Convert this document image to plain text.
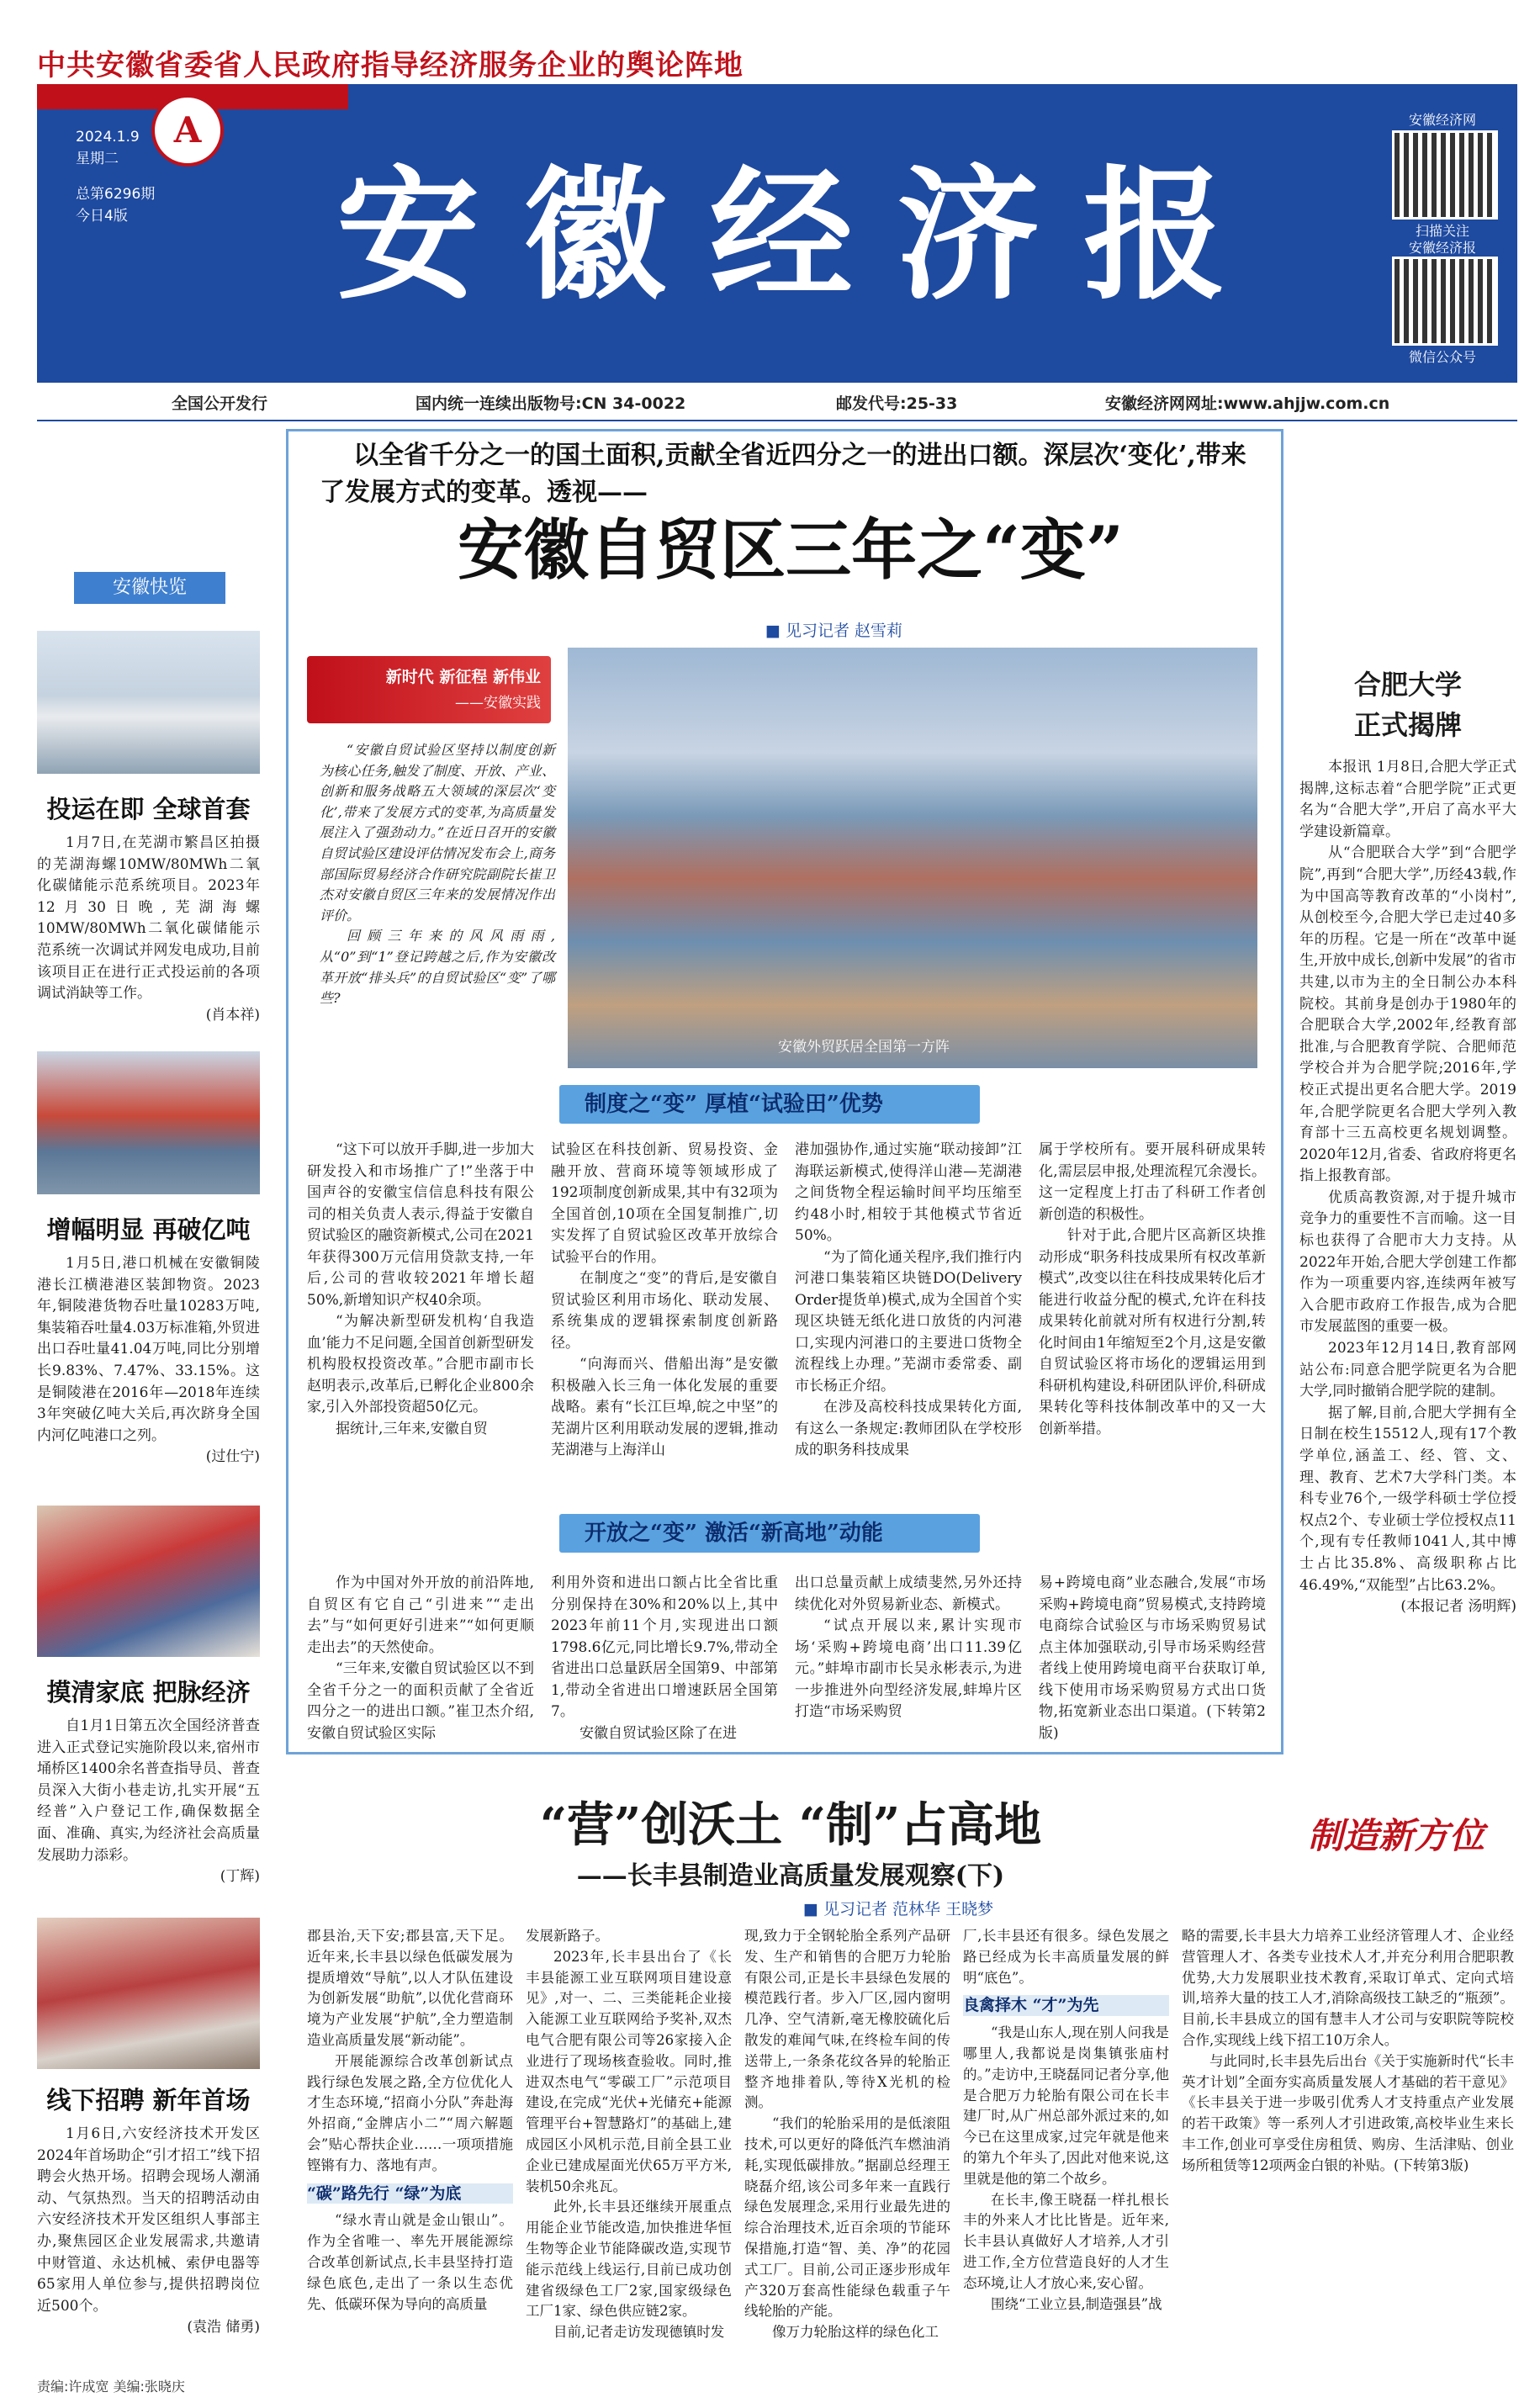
中共安徽省委省人民政府指导经济服务企业的舆论阵地
A
2024.1.9
星期二
总第6296期
今日4版	安徽经济报
安徽经济网
扫描关注
安徽经济报
微信公众号
全国公开发行	国内统一连续出版物号:CN 34-0022	邮发代号:25-33	安徽经济网网址:www.ahjjw.com.cn
安徽快览
投运在即 全球首套

1月7日,在芜湖市繁昌区拍摄的芜湖海螺10MW/80MWh二氧化碳储能示范系统项目。2023年12月30日晚,芜湖海螺10MW/80MWh二氧化碳储能示范系统一次调试并网发电成功,目前该项目正在进行正式投运前的各项调试消缺等工作。

(肖本祥)
增幅明显 再破亿吨

1月5日,港口机械在安徽铜陵港长江横港港区装卸物资。2023年,铜陵港货物吞吐量10283万吨,集装箱吞吐量4.03万标准箱,外贸进出口吞吐量41.04万吨,同比分别增长9.83%、7.47%、33.15%。这是铜陵港在2016年—2018年连续3年突破亿吨大关后,再次跻身全国内河亿吨港口之列。

(过仕宁)
摸清家底 把脉经济

自1月1日第五次全国经济普查进入正式登记实施阶段以来,宿州市埇桥区1400余名普查指导员、普查员深入大街小巷走访,扎实开展“五经普”入户登记工作,确保数据全面、准确、真实,为经济社会高质量发展助力添彩。

(丁辉)
线下招聘 新年首场

1月6日,六安经济技术开发区2024年首场助企“引才招工”线下招聘会火热开场。招聘会现场人潮涌动、气氛热烈。当天的招聘活动由六安经济技术开发区组织人事部主办,聚焦园区企业发展需求,共邀请中财管道、永达机械、索伊电器等65家用人单位参与,提供招聘岗位近500个。

(袁浩 储勇)
以全省千分之一的国土面积,贡献全省近四分之一的进出口额。深层次‘变化’,带来了发展方式的变革。透视——
安徽自贸区三年之“变”
■ 见习记者 赵雪莉
新时代 新征程 新伟业
——安徽实践

“安徽自贸试验区坚持以制度创新为核心任务,触发了制度、开放、产业、创新和服务战略五大领域的深层次‘变化’,带来了发展方式的变革,为高质量发展注入了强劲动力。”在近日召开的安徽自贸试验区建设评估情况发布会上,商务部国际贸易经济合作研究院副院长崔卫杰对安徽自贸区三年来的发展情况作出评价。

回顾三年来的风风雨雨,从“0”到“1”登记跨越之后,作为安徽改革开放“排头兵”的自贸试验区“变”了哪些?

安徽外贸跃居全国第一方阵
制度之“变” 厚植“试验田”优势

“这下可以放开手脚,进一步加大研发投入和市场推广了!”坐落于中国声谷的安徽宝信信息科技有限公司的相关负责人表示,得益于安徽自贸试验区的融资新模式,公司在2021年获得300万元信用贷款支持,一年后,公司的营收较2021年增长超50%,新增知识产权40余项。

“为解决新型研发机构‘自我造血’能力不足问题,全国首创新型研发机构股权投资改革。”合肥市副市长赵明表示,改革后,已孵化企业800余家,引入外部投资超50亿元。

据统计,三年来,安徽自贸

试验区在科技创新、贸易投资、金融开放、营商环境等领域形成了192项制度创新成果,其中有32项为全国首创,10项在全国复制推广,切实发挥了自贸试验区改革开放综合试验平台的作用。

在制度之“变”的背后,是安徽自贸试验区利用市场化、联动发展、系统集成的逻辑探索制度创新路径。

“向海而兴、借船出海”是安徽积极融入长三角一体化发展的重要战略。素有“长江巨埠,皖之中坚”的芜湖片区利用联动发展的逻辑,推动芜湖港与上海洋山

港加强协作,通过实施“联动接卸”江海联运新模式,使得洋山港—芜湖港之间货物全程运输时间平均压缩至约48小时,相较于其他模式节省近50%。

“为了简化通关程序,我们推行内河港口集装箱区块链DO(Delivery Order提货单)模式,成为全国首个实现区块链无纸化进口放货的内河港口,实现内河港口的主要进口货物全流程线上办理。”芜湖市委常委、副市长杨正介绍。

在涉及高校科技成果转化方面,有这么一条规定:教师团队在学校形成的职务科技成果

属于学校所有。要开展科研成果转化,需层层申报,处理流程冗余漫长。这一定程度上打击了科研工作者创新创造的积极性。

针对于此,合肥片区高新区块推动形成“职务科技成果所有权改革新模式”,改变以往在科技成果转化后才能进行收益分配的模式,允许在科技成果转化前就对所有权进行分割,转化时间由1年缩短至2个月,这是安徽自贸试验区将市场化的逻辑运用到科研机构建设,科研团队评价,科研成果转化等科技体制改革中的又一大创新举措。

开放之“变” 激活“新高地”动能

作为中国对外开放的前沿阵地,自贸区有它自己“引进来”“走出去”与“如何更好引进来”“如何更顺走出去”的天然使命。

“三年来,安徽自贸试验区以不到全省千分之一的面积贡献了全省近四分之一的进出口额。”崔卫杰介绍,安徽自贸试验区实际

利用外资和进出口额占比全省比重分别保持在30%和20%以上,其中2023年前11个月,实现进出口额1798.6亿元,同比增长9.7%,带动全省进出口总量跃居全国第9、中部第1,带动全省进出口增速跃居全国第7。

安徽自贸试验区除了在进

出口总量贡献上成绩斐然,另外还持续优化对外贸易新业态、新模式。

“试点开展以来,累计实现市场‘采购+跨境电商’出口11.39亿元。”蚌埠市副市长吴永彬表示,为进一步推进外向型经济发展,蚌埠片区打造“市场采购贸

易+跨境电商”业态融合,发展“市场采购+跨境电商”贸易模式,支持跨境电商综合试验区与市场采购贸易试点主体加强联动,引导市场采购经营者线上使用跨境电商平台获取订单,线下使用市场采购贸易方式出口货物,拓宽新业态出口渠道。(下转第2版)

合肥大学
正式揭牌

本报讯 1月8日,合肥大学正式揭牌,这标志着“合肥学院”正式更名为“合肥大学”,开启了高水平大学建设新篇章。

从“合肥联合大学”到“合肥学院”,再到“合肥大学”,历经43载,作为中国高等教育改革的“小岗村”,从创校至今,合肥大学已走过40多年的历程。它是一所在“改革中诞生,开放中成长,创新中发展”的省市共建,以市为主的全日制公办本科院校。其前身是创办于1980年的合肥联合大学,2002年,经教育部批准,与合肥教育学院、合肥师范学校合并为合肥学院;2016年,学校正式提出更名合肥大学。2019年,合肥学院更名合肥大学列入教育部十三五高校更名规划调整。2020年12月,省委、省政府将更名指上报教育部。

优质高教资源,对于提升城市竞争力的重要性不言而喻。这一目标也获得了合肥市大力支持。从2022年开始,合肥大学创建工作都作为一项重要内容,连续两年被写入合肥市政府工作报告,成为合肥市发展蓝图的重要一极。

2023年12月14日,教育部网站公布:同意合肥学院更名为合肥大学,同时撤销合肥学院的建制。

据了解,目前,合肥大学拥有全日制在校生15512人,现有17个教学单位,涵盖工、经、管、文、理、教育、艺术7大学科门类。本科专业76个,一级学科硕士学位授权点2个、专业硕士学位授权点11个,现有专任教师1041人,其中博士占比35.8%、高级职称占比46.49%,“双能型”占比63.2%。

(本报记者 汤明辉)
“营”创沃土 “制”占高地
——长丰县制造业高质量发展观察(下)
■ 见习记者 范林华 王晓梦
制造新方位

郡县治,天下安;郡县富,天下足。近年来,长丰县以绿色低碳发展为提质增效“导航”,以人才队伍建设为创新发展“助航”,以优化营商环境为产业发展“护航”,全力塑造制造业高质量发展“新动能”。

开展能源综合改革创新试点践行绿色发展之路,全方位优化人才生态环境,“招商小分队”奔赴海外招商,“金牌店小二”“周六解题会”贴心帮扶企业……一项项措施铿锵有力、落地有声。

“碳”路先行 “绿”为底

“绿水青山就是金山银山”。作为全省唯一、率先开展能源综合改革创新试点,长丰县坚持打造绿色底色,走出了一条以生态优先、低碳环保为导向的高质量

发展新路子。

2023年,长丰县出台了《长丰县能源工业互联网项目建设意见》,对一、二、三类能耗企业接入能源工业互联网给予奖补,双杰电气合肥有限公司等26家接入企业进行了现场核查验收。同时,推进双杰电气“零碳工厂”示范项目建设,在完成“光伏+光储充+能源管理平台+智慧路灯”的基础上,建成园区小风机示范,目前全县工业企业已建成屋面光伏65万平方米,装机50余兆瓦。

此外,长丰县还继续开展重点用能企业节能改造,加快推进华恒生物等企业节能降碳改造,实现节能示范线上线运行,目前已成功创建省级绿色工厂2家,国家级绿色工厂1家、绿色供应链2家。

目前,记者走访发现德镇时发

现,致力于全钢轮胎全系列产品研发、生产和销售的合肥万力轮胎有限公司,正是长丰县绿色发展的模范践行者。步入厂区,园内窗明几净、空气清新,毫无橡胶硫化后散发的难闻气味,在终检车间的传送带上,一条条花纹各异的轮胎正整齐地排着队,等待X光机的检测。

“我们的轮胎采用的是低滚阻技术,可以更好的降低汽车燃油消耗,实现低碳排放。”据副总经理王晓磊介绍,该公司多年来一直践行绿色发展理念,采用行业最先进的综合治理技术,近百余项的节能环保措施,打造“智、美、净”的花园式工厂。目前,公司正逐步形成年产320万套高性能绿色载重子午线轮胎的产能。

像万力轮胎这样的绿色化工

厂,长丰县还有很多。绿色发展之路已经成为长丰高质量发展的鲜明“底色”。

良禽择木 “才”为先

“我是山东人,现在别人问我是哪里人,我都说是岗集镇张庙村的。”走访中,王晓磊同记者分享,他是合肥万力轮胎有限公司在长丰建厂时,从广州总部外派过来的,如今已在这里成家,过完年就是他来的第九个年头了,因此对他来说,这里就是他的第二个故乡。

在长丰,像王晓磊一样扎根长丰的外来人才比比皆是。近年来,长丰县认真做好人才培养,人才引进工作,全方位营造良好的人才生态环境,让人才放心来,安心留。

围绕“工业立县,制造强县”战

略的需要,长丰县大力培养工业经济管理人才、企业经营管理人才、各类专业技术人才,并充分利用合肥职教优势,大力发展职业技术教育,采取订单式、定向式培训,培养大量的技工人才,消除高级技工缺乏的“瓶颈”。目前,长丰县成立的国有慧丰人才公司与安职院等院校合作,实现线上线下招工10万余人。

与此同时,长丰县先后出台《关于实施新时代“长丰英才计划”全面夯实高质量发展人才基础的若干意见》《长丰县关于进一步吸引优秀人才支持重点产业发展的若干政策》等一系列人才引进政策,高校毕业生来长丰工作,创业可享受住房租赁、购房、生活津贴、创业场所租赁等12项两金白银的补贴。(下转第3版)

责编:许成宽 美编:张晓庆
